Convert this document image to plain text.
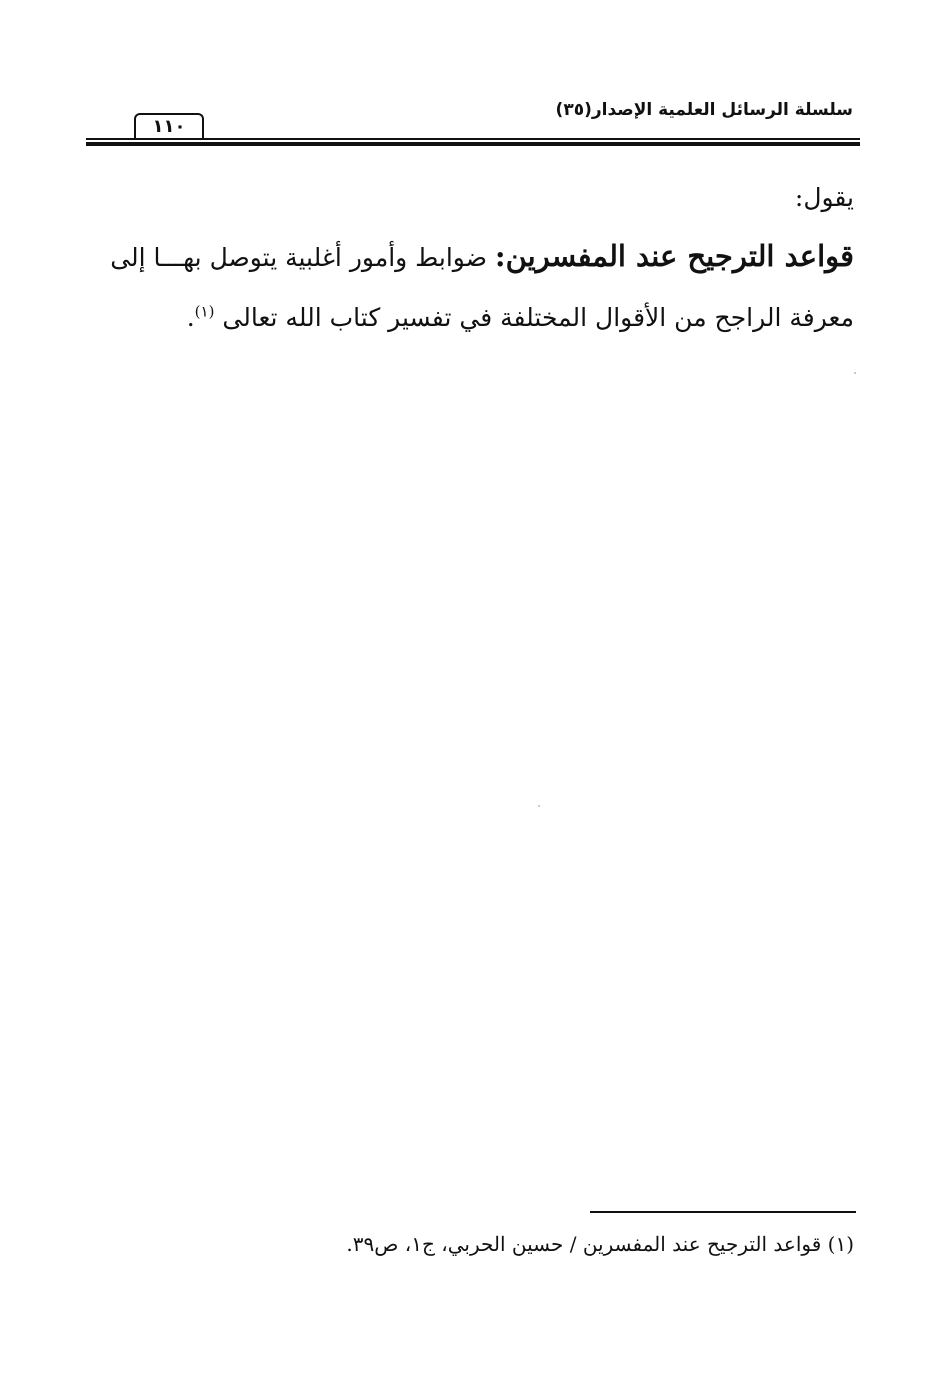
سلسلة الرسائل العلمية الإصدار(٣٥)
١١٠
يقول:
قواعد الترجيح عند المفسرين: ضوابط وأمور أغلبية يتوصل بهـــا إلى
معرفة الراجح من الأقوال المختلفة في تفسير كتاب الله تعالى $^{(١)}$.
(١) قواعد الترجيح عند المفسرين / حسين الحربي، ج١، ص٣٩.
